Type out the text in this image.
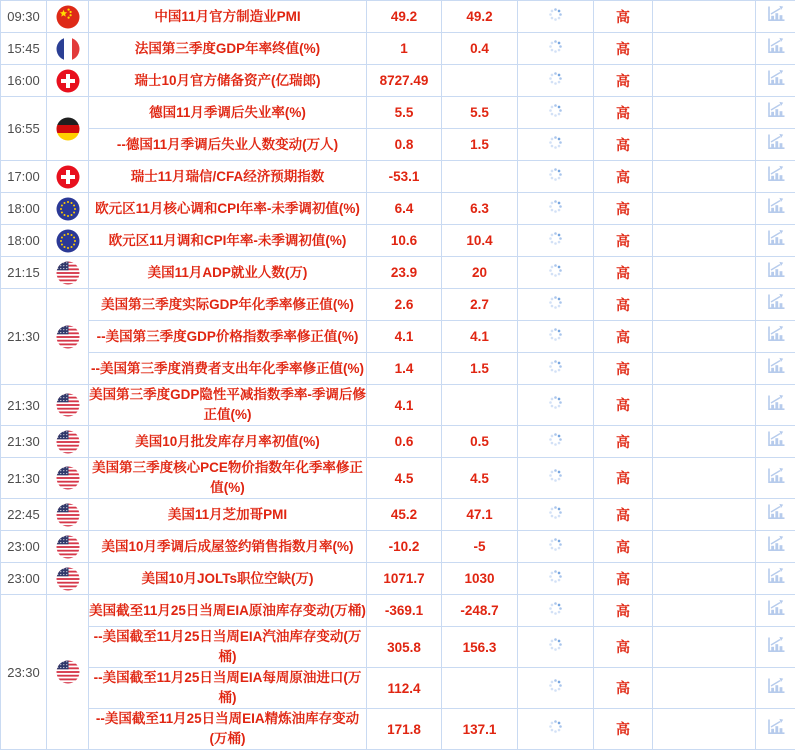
09:30		中国11月官方制造业PMI	49.2	49.2		高		
15:45		法国第三季度GDP年率终值(%)	1	0.4		高		
16:00		瑞士10月官方储备资产(亿瑞郎)	8727.49			高		
16:55		德国11月季调后失业率(%)	5.5	5.5		高		
		--德国11月季调后失业人数变动(万人)	0.8	1.5		高		
17:00		瑞士11月瑞信/CFA经济预期指数	-53.1			高		
18:00		欧元区11月核心调和CPI年率-未季调初值(%)	6.4	6.3		高		
18:00		欧元区11月调和CPI年率-未季调初值(%)	10.6	10.4		高		
21:15		美国11月ADP就业人数(万)	23.9	20		高		
21:30		美国第三季度实际GDP年化季率修正值(%)	2.6	2.7		高		
		--美国第三季度GDP价格指数季率修正值(%)	4.1	4.1		高		
		--美国第三季度消费者支出年化季率修正值(%)	1.4	1.5		高		
21:30		美国第三季度GDP隐性平减指数季率-季调后修正值(%)	4.1			高		
21:30		美国10月批发库存月率初值(%)	0.6	0.5		高		
21:30		美国第三季度核心PCE物价指数年化季率修正值(%)	4.5	4.5		高		
22:45		美国11月芝加哥PMI	45.2	47.1		高		
23:00		美国10月季调后成屋签约销售指数月率(%)	-10.2	-5		高		
23:00		美国10月JOLTs职位空缺(万)	1071.7	1030		高		
23:30		美国截至11月25日当周EIA原油库存变动(万桶)	-369.1	-248.7		高		
		--美国截至11月25日当周EIA汽油库存变动(万桶)	305.8	156.3		高		
		--美国截至11月25日当周EIA每周原油进口(万桶)	112.4			高		
		--美国截至11月25日当周EIA精炼油库存变动(万桶)	171.8	137.1		高		
